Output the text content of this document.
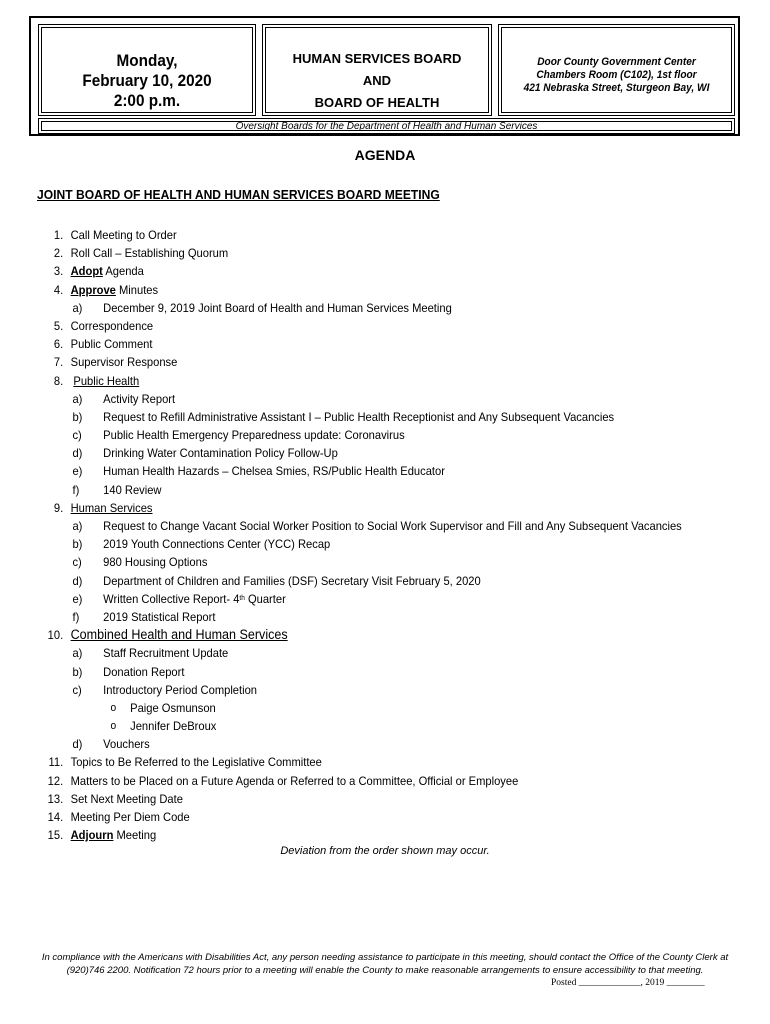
Monday,
February 10, 2020
2:00 p.m.
HUMAN SERVICES BOARD
AND
BOARD OF HEALTH
Door County Government Center
Chambers Room (C102), 1st floor
421 Nebraska Street, Sturgeon Bay, WI
Oversight Boards for the Department of Health and Human Services
AGENDA
JOINT BOARD OF HEALTH AND HUMAN SERVICES BOARD MEETING
1. Call Meeting to Order
2. Roll Call – Establishing Quorum
3. Adopt Agenda
4. Approve Minutes
a)	December 9, 2019 Joint Board of Health and Human Services Meeting
5. Correspondence
6. Public Comment
7. Supervisor Response
8. Public Health
a)	Activity Report
b)	Request to Refill Administrative Assistant I – Public Health Receptionist and Any Subsequent Vacancies
c)	Public Health Emergency Preparedness update: Coronavirus
d)	Drinking Water Contamination Policy Follow-Up
e)	Human Health Hazards – Chelsea Smies, RS/Public Health Educator
f)	140 Review
9. Human Services
a)	Request to Change Vacant Social Worker Position to Social Work Supervisor and Fill and Any Subsequent Vacancies
b)	2019 Youth Connections Center (YCC) Recap
c)	980 Housing Options
d)	Department of Children and Families (DSF) Secretary Visit February 5, 2020
e)	Written Collective Report- 4th Quarter
f)	2019 Statistical Report
10. Combined Health and Human Services
a)	Staff Recruitment Update
b)	Donation Report
c)	Introductory Period Completion
o Paige Osmunson
o Jennifer DeBroux
d)	Vouchers
11. Topics to Be Referred to the Legislative Committee
12. Matters to be Placed on a Future Agenda or Referred to a Committee, Official or Employee
13. Set Next Meeting Date
14. Meeting Per Diem Code
15. Adjourn Meeting
Deviation from the order shown may occur.
In compliance with the Americans with Disabilities Act, any person needing assistance to participate in this meeting, should contact the Office of the County Clerk at
(920)746 2200. Notification 72 hours prior to a meeting will enable the County to make reasonable arrangements to ensure accessibility to that meeting.
Posted _____________, 2019 ________
